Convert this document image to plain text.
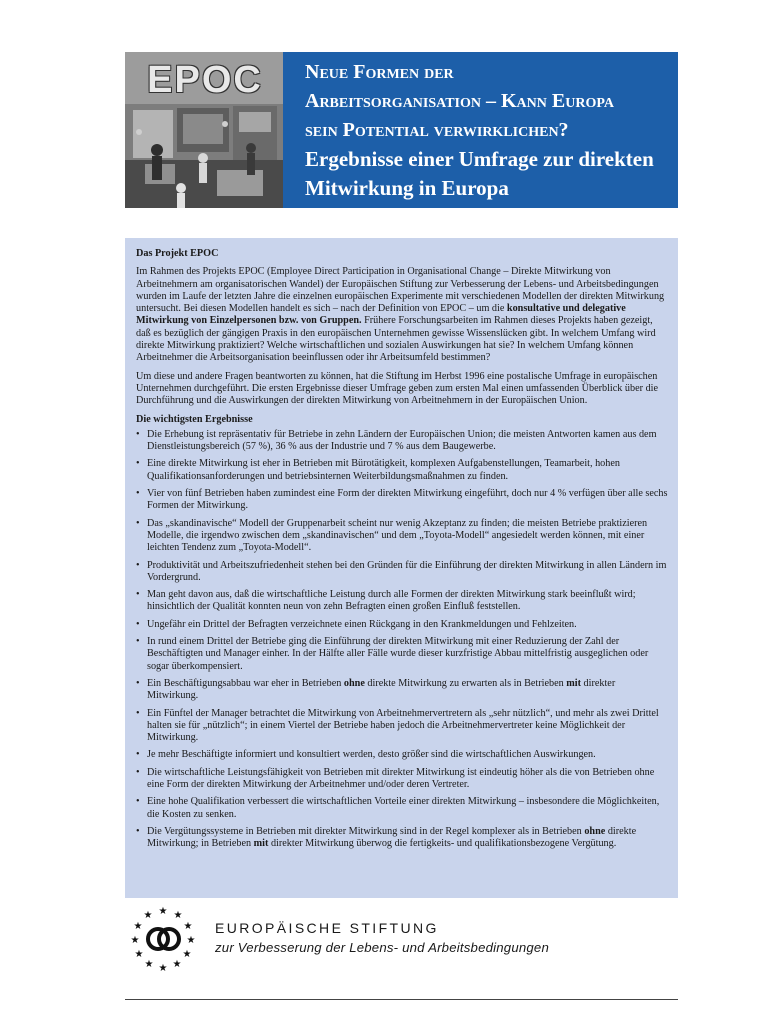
EPOC	Neue Formen der
Arbeitsorganisation – Kann Europa
sein Potential verwirklichen?
Ergebnisse einer Umfrage zur direkten
Mitwirkung in Europa
Das Projekt EPOC

Im Rahmen des Projekts EPOC (Employee Direct Participation in Organisational Change – Direkte Mitwirkung von Arbeitnehmern am organisatorischen Wandel) der Europäischen Stiftung zur Verbesserung der Lebens- und Arbeitsbedingungen wurden im Laufe der letzten Jahre die einzelnen europäischen Experimente mit verschiedenen Modellen der direkten Mitwirkung untersucht. Bei diesen Modellen handelt es sich – nach der Definition von EPOC – um die konsultative und delegative Mitwirkung von Einzelpersonen bzw. von Gruppen. Frühere Forschungsarbeiten im Rahmen dieses Projekts haben gezeigt, daß es bezüglich der gängigen Praxis in den europäischen Unternehmen gewisse Wissenslücken gibt. In welchem Umfang wird direkte Mitwirkung praktiziert? Welche wirtschaftlichen und sozialen Auswirkungen hat sie? In welchem Umfang können Arbeitnehmer die Arbeitsorganisation beeinflussen oder ihr Arbeitsumfeld bestimmen?

Um diese und andere Fragen beantworten zu können, hat die Stiftung im Herbst 1996 eine postalische Umfrage in europäischen Unternehmen durchgeführt. Die ersten Ergebnisse dieser Umfrage geben zum ersten Mal einen umfassenden Überblick über die Durchführung und die Auswirkungen der direkten Mitwirkung von Arbeitnehmern in der Europäischen Union.

Die wichtigsten Ergebnisse
• Die Erhebung ist repräsentativ für Betriebe in zehn Ländern der Europäischen Union; die meisten Antworten kamen aus dem Dienstleistungsbereich (57 %), 36 % aus der Industrie und 7 % aus dem Baugewerbe.
• Eine direkte Mitwirkung ist eher in Betrieben mit Bürotätigkeit, komplexen Aufgabenstellungen, Teamarbeit, hohen Qualifikationsanforderungen und betriebsinternen Weiterbildungsmaßnahmen zu finden.
• Vier von fünf Betrieben haben zumindest eine Form der direkten Mitwirkung eingeführt, doch nur 4 % verfügen über alle sechs Formen der Mitwirkung.
• Das „skandinavische“ Modell der Gruppenarbeit scheint nur wenig Akzeptanz zu finden; die meisten Betriebe praktizieren Modelle, die irgendwo zwischen dem „skandinavischen“ und dem „Toyota-Modell“ angesiedelt werden können, mit einer leichten Tendenz zum „Toyota-Modell“.
• Produktivität und Arbeitszufriedenheit stehen bei den Gründen für die Einführung der direkten Mitwirkung in allen Ländern im Vordergrund.
• Man geht davon aus, daß die wirtschaftliche Leistung durch alle Formen der direkten Mitwirkung stark beeinflußt wird; hinsichtlich der Qualität konnten neun von zehn Befragten einen großen Einfluß feststellen.
• Ungefähr ein Drittel der Befragten verzeichnete einen Rückgang in den Krankmeldungen und Fehlzeiten.
• In rund einem Drittel der Betriebe ging die Einführung der direkten Mitwirkung mit einer Reduzierung der Zahl der Beschäftigten und Manager einher. In der Hälfte aller Fälle wurde dieser kurzfristige Abbau mittelfristig ausgeglichen oder sogar überkompensiert.
• Ein Beschäftigungsabbau war eher in Betrieben ohne direkte Mitwirkung zu erwarten als in Betrieben mit direkter Mitwirkung.
• Ein Fünftel der Manager betrachtet die Mitwirkung von Arbeitnehmervertretern als „sehr nützlich“, und mehr als zwei Drittel halten sie für „nützlich“; in einem Viertel der Betriebe haben jedoch die Arbeitnehmervertreter keine Möglichkeit der Mitwirkung.
• Je mehr Beschäftigte informiert und konsultiert werden, desto größer sind die wirtschaftlichen Auswirkungen.
• Die wirtschaftliche Leistungsfähigkeit von Betrieben mit direkter Mitwirkung ist eindeutig höher als die von Betrieben ohne eine Form der direkten Mitwirkung der Arbeitnehmer und/oder deren Vertreter.
• Eine hohe Qualifikation verbessert die wirtschaftlichen Vorteile einer direkten Mitwirkung – insbesondere die Möglichkeiten, die Kosten zu senken.
• Die Vergütungssysteme in Betrieben mit direkter Mitwirkung sind in der Regel komplexer als in Betrieben ohne direkte Mitwirkung; in Betrieben mit direkter Mitwirkung überwog die fertigkeits- und qualifikationsbezogene Vergütung.
★ ★
★
★
★
★
★
★
★
★
★
★
EUROPÄISCHE STIFTUNG
zur Verbesserung der Lebens- und Arbeitsbedingungen
